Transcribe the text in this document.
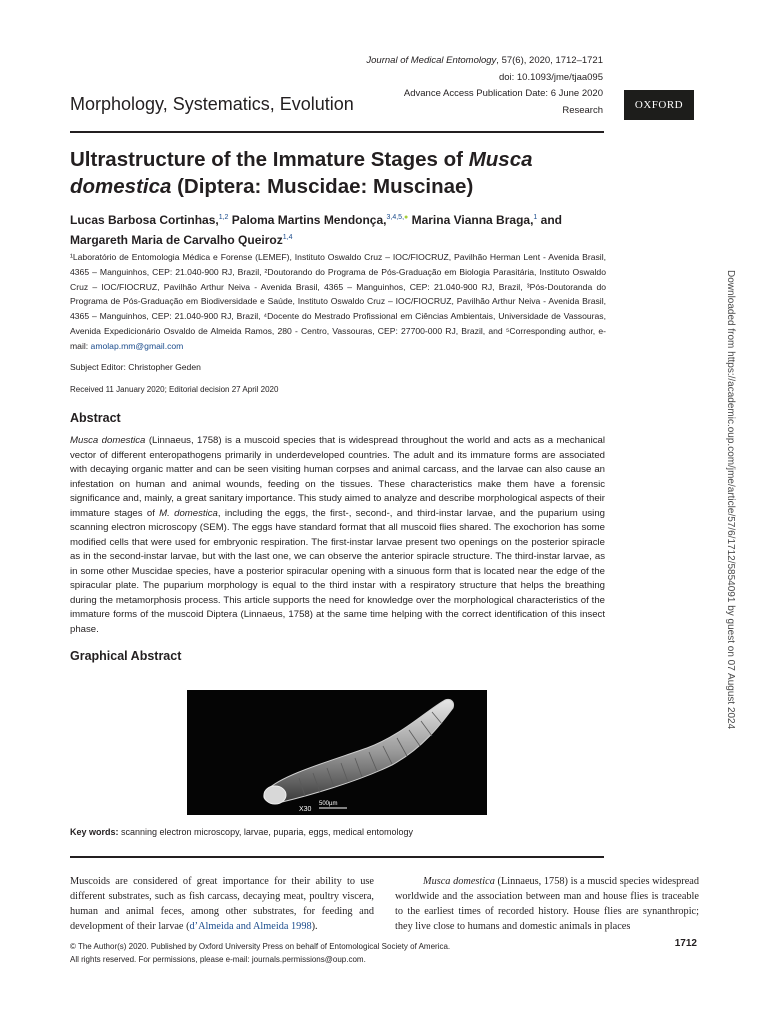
Journal of Medical Entomology, 57(6), 2020, 1712–1721
doi: 10.1093/jme/tjaa095
Advance Access Publication Date: 6 June 2020
Research	OXFORD
Morphology, Systematics, Evolution
Ultrastructure of the Immature Stages of Musca domestica (Diptera: Muscidae: Muscinae)
Lucas Barbosa Cortinhas,$^{1,2}$ Paloma Martins Mendonça,$^{3,4,5,●}$ Marina Vianna Braga,$^1$ and Margareth Maria de Carvalho Queiroz$^{1,4}$
¹Laboratório de Entomologia Médica e Forense (LEMEF), Instituto Oswaldo Cruz – IOC/FIOCRUZ, Pavilhão Herman Lent - Avenida Brasil, 4365 – Manguinhos, CEP: 21.040-900 RJ, Brazil, ²Doutorando do Programa de Pós-Graduação em Biologia Parasitária, Instituto Oswaldo Cruz – IOC/FIOCRUZ, Pavilhão Arthur Neiva - Avenida Brasil, 4365 – Manguinhos, CEP: 21.040-900 RJ, Brazil, ³Pós-Doutoranda do Programa de Pós-Graduação em Biodiversidade e Saúde, Instituto Oswaldo Cruz – IOC/FIOCRUZ, Pavilhão Arthur Neiva - Avenida Brasil, 4365 – Manguinhos, CEP: 21.040-900 RJ, Brazil, ⁴Docente do Mestrado Profissional em Ciências Ambientais, Universidade de Vassouras, Avenida Expedicionário Osvaldo de Almeida Ramos, 280 - Centro, Vassouras, CEP: 27700-000 RJ, Brazil, and ⁵Corresponding author, e-mail: amolap.mm@gmail.com
Subject Editor: Christopher Geden
Received 11 January 2020; Editorial decision 27 April 2020
Abstract
Musca domestica (Linnaeus, 1758) is a muscoid species that is widespread throughout the world and acts as a mechanical vector of different enteropathogens primarily in underdeveloped countries. The adult and its immature forms are associated with decaying organic matter and can be seen visiting human corpses and animal carcass, and the larvae can also cause an infestation on human and animal wounds, feeding on the tissues. These characteristics make them have a forensic significance and, mainly, a great sanitary importance. This study aimed to analyze and describe morphological aspects of their immature stages of M. domestica, including the eggs, the first-, second-, and third-instar larvae, and the puparium using scanning electron microscopy (SEM). The eggs have standard format that all muscoid flies shared. The exochorion has some modified cells that were used for embryonic respiration. The first-instar larvae present two openings on the posterior spiracle as in the second-instar larvae, but with the last one, we can observe the anterior spiracle structure. The third-instar larvae, as in some other Muscidae species, have a posterior spiracular opening with a sinuous form that is located near the edge of the spiracular plate. The puparium morphology is equal to the third instar with a respiratory structure that helps the breathing during the metamorphosis process. This article supports the need for knowledge over the morphological characteristics of the immature forms of the muscoid Diptera (Linnaeus, 1758) at the same time helping with the correct identification of this insect phase.
Graphical Abstract
X30
500µm
Key words: scanning electron microscopy, larvae, puparia, eggs, medical entomology
Muscoids are considered of great importance for their ability to use different substrates, such as fish carcass, decaying meat, poultry viscera, human and animal feces, among other substrates, for feeding and development of their larvae (d’Almeida and Almeida 1998).
Musca domestica (Linnaeus, 1758) is a muscid species widespread worldwide and the association between man and house flies is traceable to the earliest times of recorded history. House flies are synanthropic; they live close to humans and domestic animals in places
© The Author(s) 2020. Published by Oxford University Press on behalf of Entomological Society of America.
All rights reserved. For permissions, please e-mail: journals.permissions@oup.com.
1712
Downloaded from https://academic.oup.com/jme/article/57/6/1712/5854091 by guest on 07 August 2024
